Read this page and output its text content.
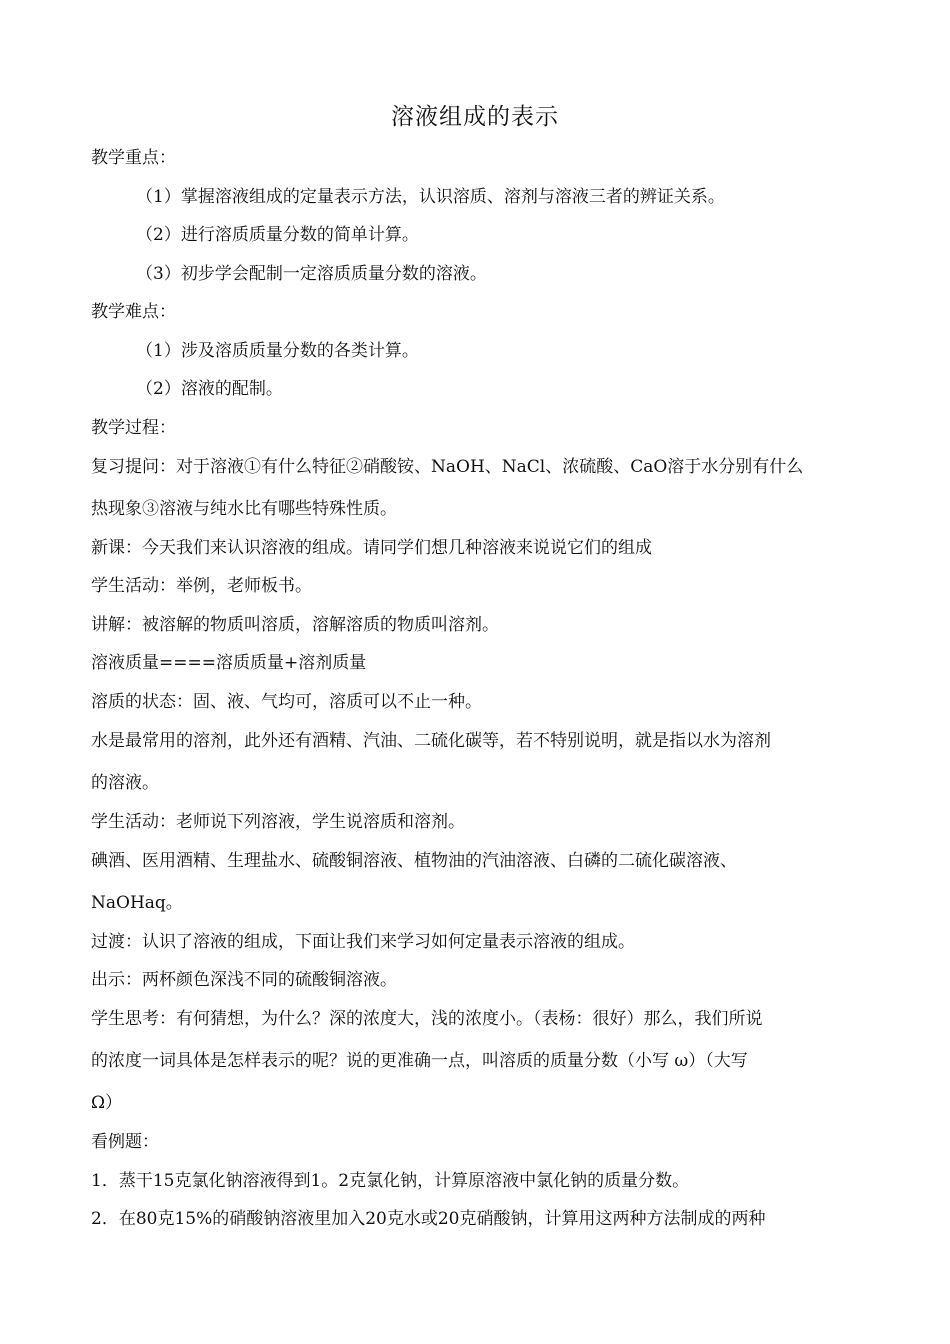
溶液组成的表示
教学重点：
（1）掌握溶液组成的定量表示方法，认识溶质、溶剂与溶液三者的辨证关系。
（2）进行溶质质量分数的简单计算。
（3）初步学会配制一定溶质质量分数的溶液。
教学难点：
（1）涉及溶质质量分数的各类计算。
（2）溶液的配制。
教学过程：
复习提问：对于溶液①有什么特征②硝酸铵、NaOH、NaCl、浓硫酸、CaO溶于水分别有什么
热现象③溶液与纯水比有哪些特殊性质。
新课：今天我们来认识溶液的组成。请同学们想几种溶液来说说它们的组成
学生活动：举例，老师板书。
讲解：被溶解的物质叫溶质，溶解溶质的物质叫溶剂。
溶液质量====溶质质量+溶剂质量
溶质的状态：固、液、气均可，溶质可以不止一种。
水是最常用的溶剂，此外还有酒精、汽油、二硫化碳等，若不特别说明，就是指以水为溶剂
的溶液。
学生活动：老师说下列溶液，学生说溶质和溶剂。
碘酒、医用酒精、生理盐水、硫酸铜溶液、植物油的汽油溶液、白磷的二硫化碳溶液、
NaOHaq。
过渡：认识了溶液的组成，下面让我们来学习如何定量表示溶液的组成。
出示：两杯颜色深浅不同的硫酸铜溶液。
学生思考：有何猜想，为什么？深的浓度大，浅的浓度小。（表杨：很好）那么，我们所说
的浓度一词具体是怎样表示的呢？说的更准确一点，叫溶质的质量分数（小写 ω）（大写
Ω）
看例题：
1．蒸干15克氯化钠溶液得到1。2克氯化钠，计算原溶液中氯化钠的质量分数。
2．在80克15%的硝酸钠溶液里加入20克水或20克硝酸钠，计算用这两种方法制成的两种
